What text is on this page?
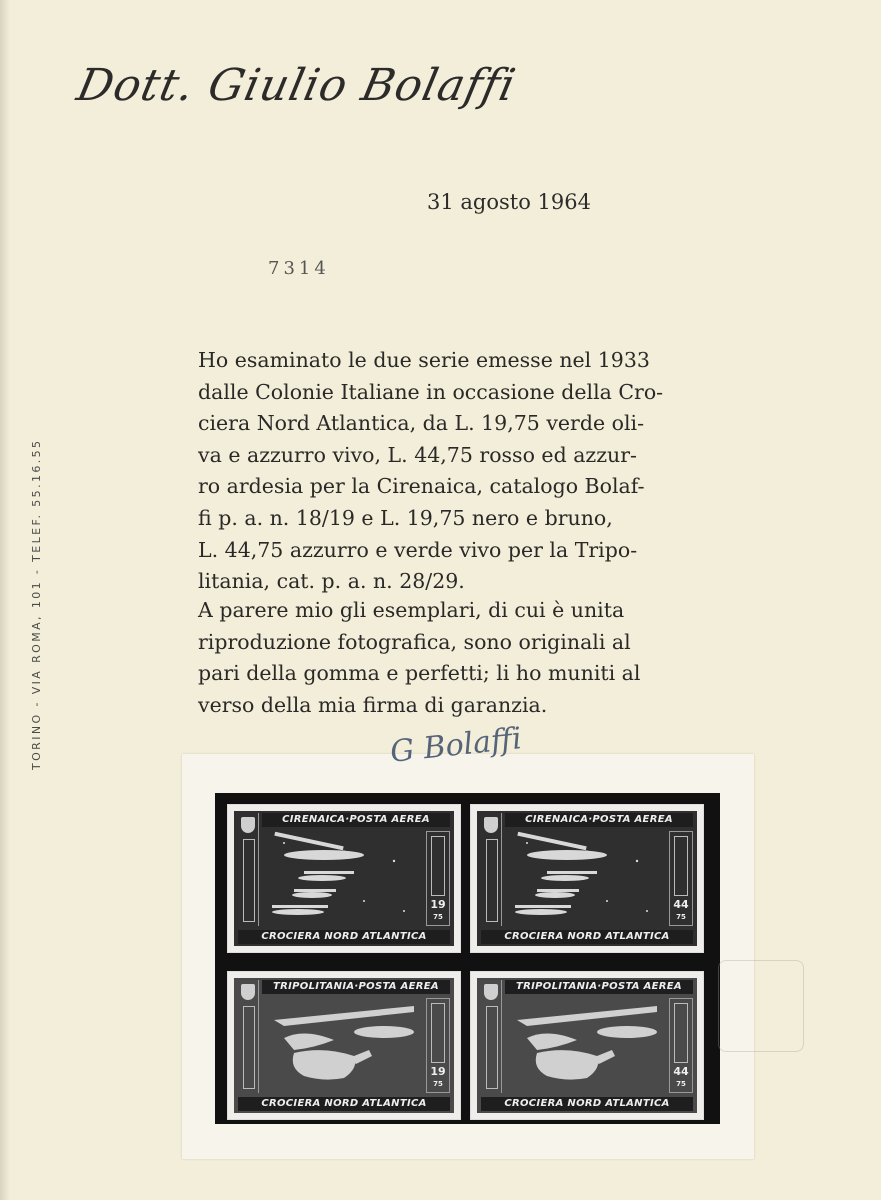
Dott. Giulio Bolaffi
31 agosto 1964
7314
TORINO - VIA ROMA, 101 - TELEF. 55.16.55
Ho esaminato le due serie emesse nel 1933
dalle Colonie Italiane in occasione della Cro-
ciera Nord Atlantica, da L. 19,75 verde oli-
va e azzurro vivo, L. 44,75 rosso ed azzur-
ro ardesia per la Cirenaica, catalogo Bolaf-
fi p. a. n. 18/19 e L. 19,75 nero e bruno,
L. 44,75 azzurro e verde vivo per la Tripo-
litania, cat. p. a. n. 28/29.
A parere mio gli esemplari, di cui è unita
riproduzione fotografica, sono originali al
pari della gomma e perfetti; li ho muniti al
verso della mia firma di garanzia.
G Bolaffi
CIRENAICA·POSTA AEREA
19
75
CROCIERA NORD ATLANTICA
CIRENAICA·POSTA AEREA
44
75
CROCIERA NORD ATLANTICA
TRIPOLITANIA·POSTA AEREA
19
75
CROCIERA NORD ATLANTICA
TRIPOLITANIA·POSTA AEREA
44
75
CROCIERA NORD ATLANTICA
